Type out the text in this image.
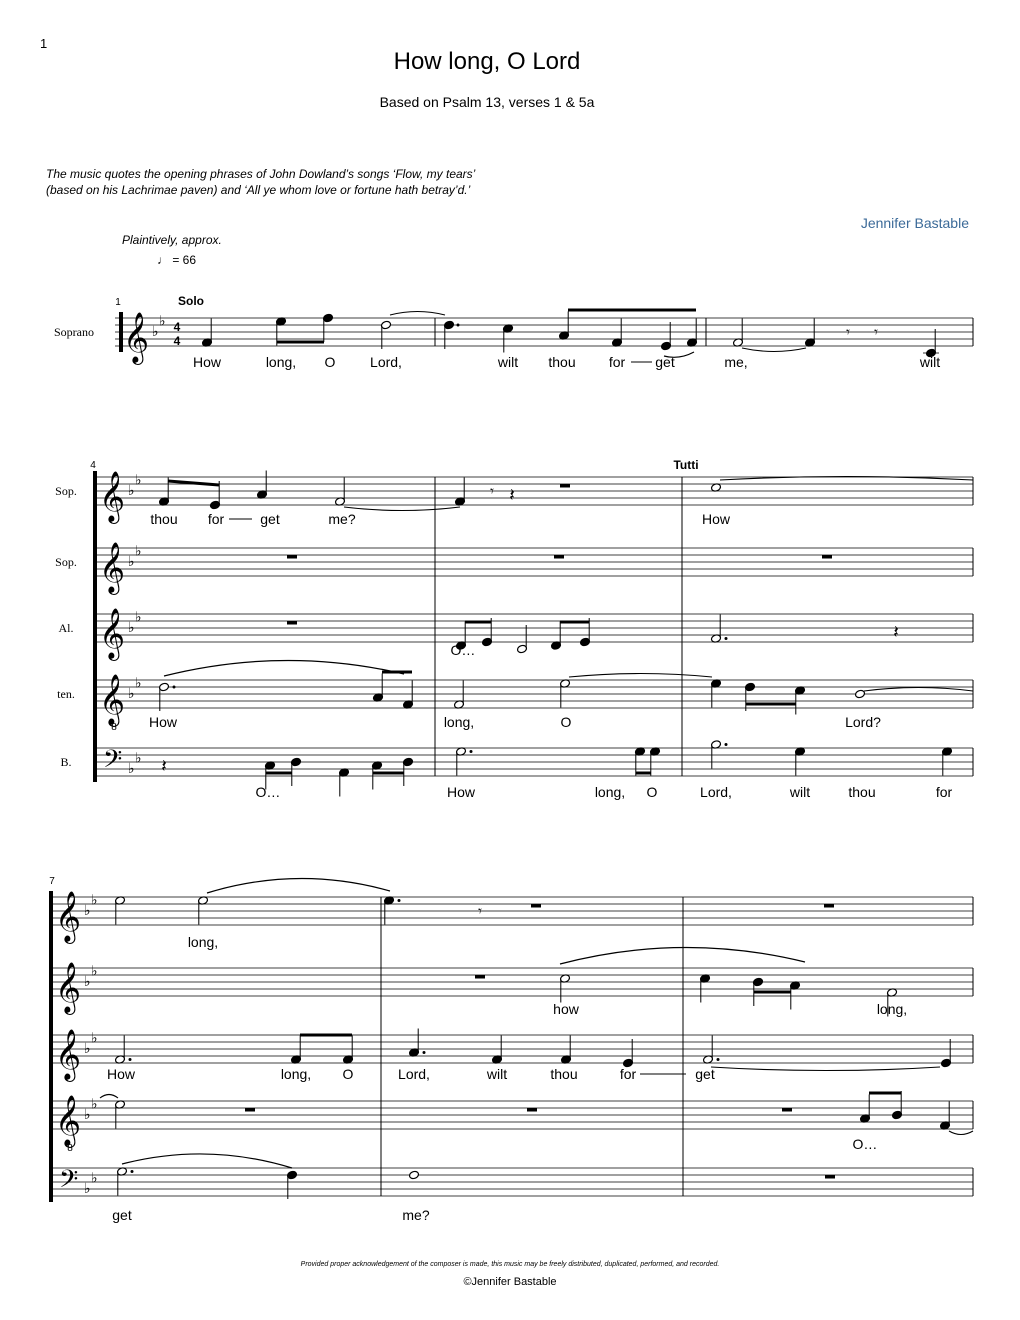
1
How long, O Lord
Based on Psalm 13, verses 1 & 5a
The music quotes the opening phrases of John Dowland’s songs ‘Flow, my tears’
(based on his Lachrimae paven) and ‘All ye whom love or fortune hath betray’d.’
Jennifer Bastable
Plaintively, approx.
♩ = 66
1	Solo
Soprano 𝄞 ♭
♭ 4
4	𝄾 𝄾
How	long, O Lord,	wilt thou for get	me,	wilt
4	Tutti
Sop. 𝄞 ♭
♭
Sop. 𝄞 ♭
♭
Al. 𝄞 ♭
♭
ten. 𝄞 ♭
♭
8
B. 𝄢 ♭
♭
𝄾 𝄽
thou for	get	me?	How
𝄽
O…
How	long,	O	Lord?
𝄽
O…	How	long, O	Lord,	wilt	thou	for
7
𝄞 ♭
♭
𝄞 ♭
♭
𝄞 ♭
♭
𝄞 ♭
♭
8
𝄢 ♭
♭
𝄾
long,
how	long,
How	long, O	Lord,	wilt	thou	for	get
O…
get	me?
Provided proper acknowledgement of the composer is made, this music may be freely distributed, duplicated, performed, and recorded.
©Jennifer Bastable
